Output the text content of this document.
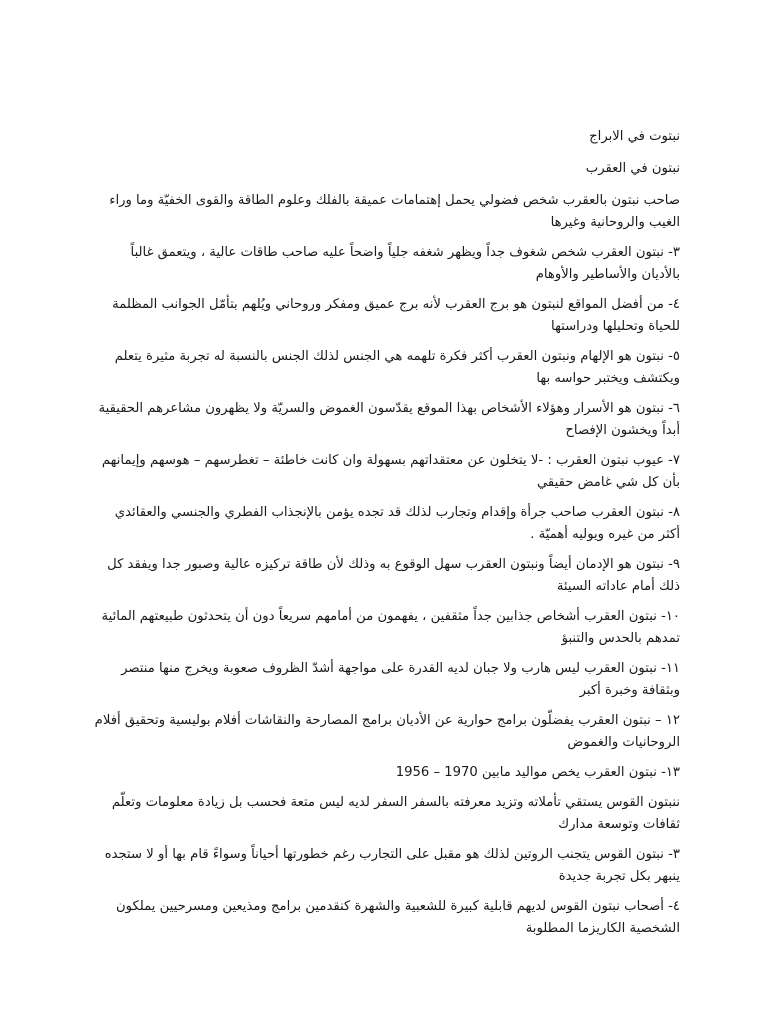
نبتوت في الابراج

نبتون في العقرب

صاحب نبتون بالعقرب شخص فضولي يحمل إهتمامات عميقة بالفلك وعلوم الطاقة والقوى الخفيّة وما وراء الغيب والروحانية وغيرها

٣- نبتون العقرب شخص شغوف جداً ويظهر شغفه جلياً واضحاً عليه صاحب طاقات عالية ، ويتعمق غالباً بالأديان والأساطير والأوهام

٤- من أفضل المواقع لنبتون هو برج العقرب لأنه برج عميق ومفكر وروحاني ويُلهم بتأمّل الجوانب المظلمة للحياة وتحليلها ودراستها

٥- نبتون هو الإلهام ونبتون العقرب أكثر فكرة تلهمه هي الجنس لذلك الجنس بالنسبة له تجربة مثيرة يتعلم ويكتشف ويختبر حواسه بها

٦- نبتون هو الأسرار وهؤلاء الأشخاص بهذا الموقع يقدّسون الغموض والسريّة ولا يظهرون مشاعرهم الحقيقية أبداً ويخشون الإفصاح

٧- عيوب نبتون العقرب : -لا يتخلون عن معتقداتهم بسهولة وان كانت خاطئة – تغطرسهم – هوسهم وإيمانهم بأن كل شي غامض حقيقي

٨- نبتون العقرب صاحب جرأة وإقدام وتجارب لذلك قد تجده يؤمن بالإنجذاب الفطري والجنسي والعقائدي أكثر من غيره ويوليه أهميّة .

٩- نبتون هو الإدمان أيضاً ونبتون العقرب سهل الوقوع به وذلك لأن طاقة تركيزه عالية وصبور جدا ويفقد كل ذلك أمام عاداته السيئة

١٠- نبتون العقرب أشخاص جذابين جداً مثقفين ، يفهمون من أمامهم سريعاً دون أن يتحدثون طبيعتهم المائية تمدهم بالحدس والتنبؤ

١١- نبتون العقرب ليس هارب ولا جبان لديه القدرة على مواجهة أشدّ الظروف صعوبة ويخرج منها منتصر وبثقافة وخبرة أكبر

١٢ – نبتون العقرب يفضلّون برامج حوارية عن الأديان برامج المصارحة والنقاشات أفلام بوليسية وتحقيق أفلام الروحانيات والغموض

١٣- نبتون العقرب يخص مواليد مابين 1970 – 1956

ننبتون القوس يستقي تأملاته وتزيد معرفته بالسفر السفر لديه ليس متعة فحسب بل زيادة معلومات وتعلّم ثقافات وتوسعة مدارك

٣- نبتون القوس يتجنب الروتين لذلك هو مقبل على التجارب رغم خطورتها أحياناً وسواءً قام بها أو لا ستجده ينبهر بكل تجربة جديدة

٤- أصحاب نبتون القوس لديهم قابلية كبيرة للشعبية والشهرة كنقدمين برامج ومذيعين ومسرحيين يملكون الشخصية الكاريزما المطلوبة
